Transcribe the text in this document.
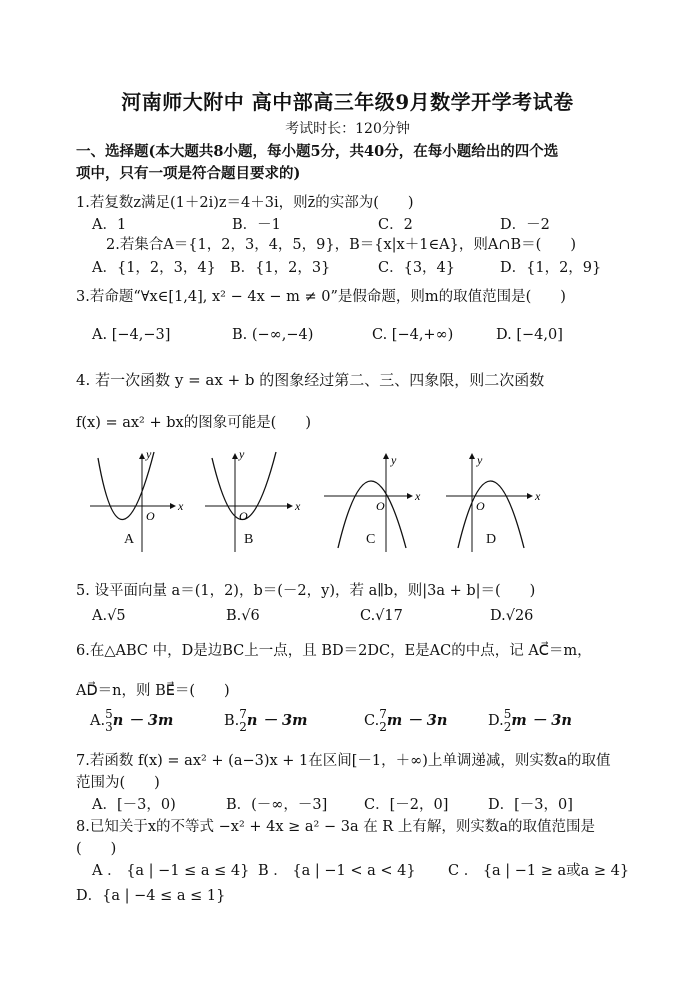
河南师大附中 高中部高三年级9月数学开学考试卷
考试时长：120分钟
一、选择题(本大题共8小题，每小题5分，共40分，在每小题给出的四个选
项中，只有一项是符合题目要求的)
1.若复数z满足(1＋2i)z＝4＋3i，则z̄的实部为(　　)
A．1	B．－1	C．2	D．－2
2.若集合A＝{1，2，3，4，5，9}，B＝{x|x＋1∈A}，则A∩B＝(　　)
A．{1，2，3，4} B．{1，2，3}	C．{3，4}	D．{1，2，9}
3.若命题“∀x∈[1,4], x² − 4x − m ≠ 0”是假命题，则m的取值范围是(　　)
A. [−4,−3]	B. (−∞,−4)	C. [−4,+∞)	D. [−4,0]
4. 若一次函数 y = ax + b 的图象经过第二、三、四象限，则二次函数
f(x) = ax² + bx的图象可能是(　　)
x
y
O
x
y
O
x
y
O
x
y
O
A	B	C	D
5. 设平面向量 a＝(1，2)，b＝(－2，y)，若 a∥b，则|3a + b|＝(　　)
A.√5	B.√6	C.√17	D.√26
6.在△ABC 中，D是边BC上一点，且 BD＝2DC，E是AC的中点，记 AC⃗＝m，
AD⃗＝n，则 BE⃗＝(　　)
A. 5
3 n － 3m	B. 7
2 n － 3m	C. 7
2 m － 3n	D. 5
2 m － 3n
7.若函数 f(x) = ax² + (a−3)x + 1在区间[－1，＋∞)上单调递减，则实数a的取值
范围为(　　)
A．[－3，0)	B．(－∞，－3]	C．[－2，0]	D．[－3，0]
8.已知关于x的不等式 −x² + 4x ≥ a² − 3a 在 R 上有解，则实数a的取值范围是
(　　)
A ． {a | −1 ≤ a ≤ 4} B ． {a | −1 < a < 4} C ． {a | −1 ≥ a或a ≥ 4}
D．{a | −4 ≤ a ≤ 1}
